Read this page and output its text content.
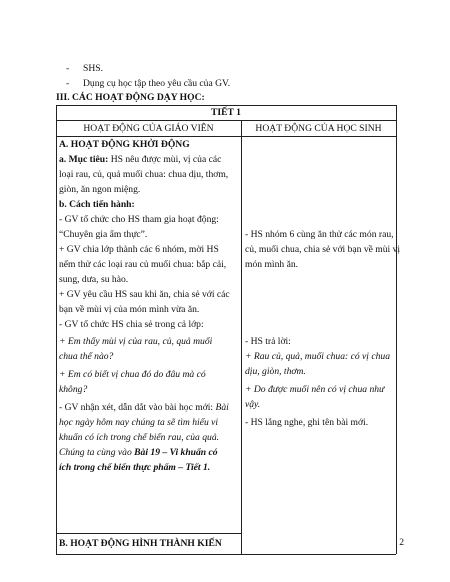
- SHS.
- Dụng cụ học tập theo yêu cầu của GV.
III. CÁC HOẠT ĐỘNG DẠY HỌC:
TIẾT 1
HOẠT ĐỘNG CỦA GIÁO VIÊN	HOẠT ĐỘNG CỦA HỌC SINH
A. HOẠT ĐỘNG KHỞI ĐỘNG
a. Mục tiêu: HS nêu được mùi, vị của các
loại rau, củ, quả muối chua: chua dịu, thơm,
giòn, ăn ngon miệng.
b. Cách tiến hành:
- GV tổ chức cho HS tham gia hoạt động:
“Chuyên gia ẩm thực”.
+ GV chia lớp thành các 6 nhóm, mời HS
nếm thử các loại rau củ muối chua: bắp cải,
sung, dưa, su hào.
+ GV yêu cầu HS sau khi ăn, chia sẻ với các
bạn về mùi vị của món mình vừa ăn.
- GV tổ chức HS chia sẻ trong cả lớp:
+ Em thấy mùi vị của rau, củ, quả muối
chua thế nào?
+ Em có biết vị chua đó do đâu mà có
không?
- GV nhận xét, dẫn dắt vào bài học mới: Bài
học ngày hôm nay chúng ta sẽ tìm hiểu vi
khuẩn có ích trong chế biến rau, của quả.
Chúng ta cùng vào Bài 19 – Vi khuẩn có
ích trong chế biến thực phẩm – Tiết 1.
B. HOẠT ĐỘNG HÌNH THÀNH KIẾN
- HS nhóm 6 cùng ăn thử các món rau,
củ, muối chua, chia sẻ với bạn về mùi vị
món mình ăn.
- HS trả lời:
+ Rau củ, quả, muối chua: có vị chua
dịu, giòn, thơm.
+ Do được muối nên có vị chua như
vậy.
- HS lắng nghe, ghi tên bài mới.
2
